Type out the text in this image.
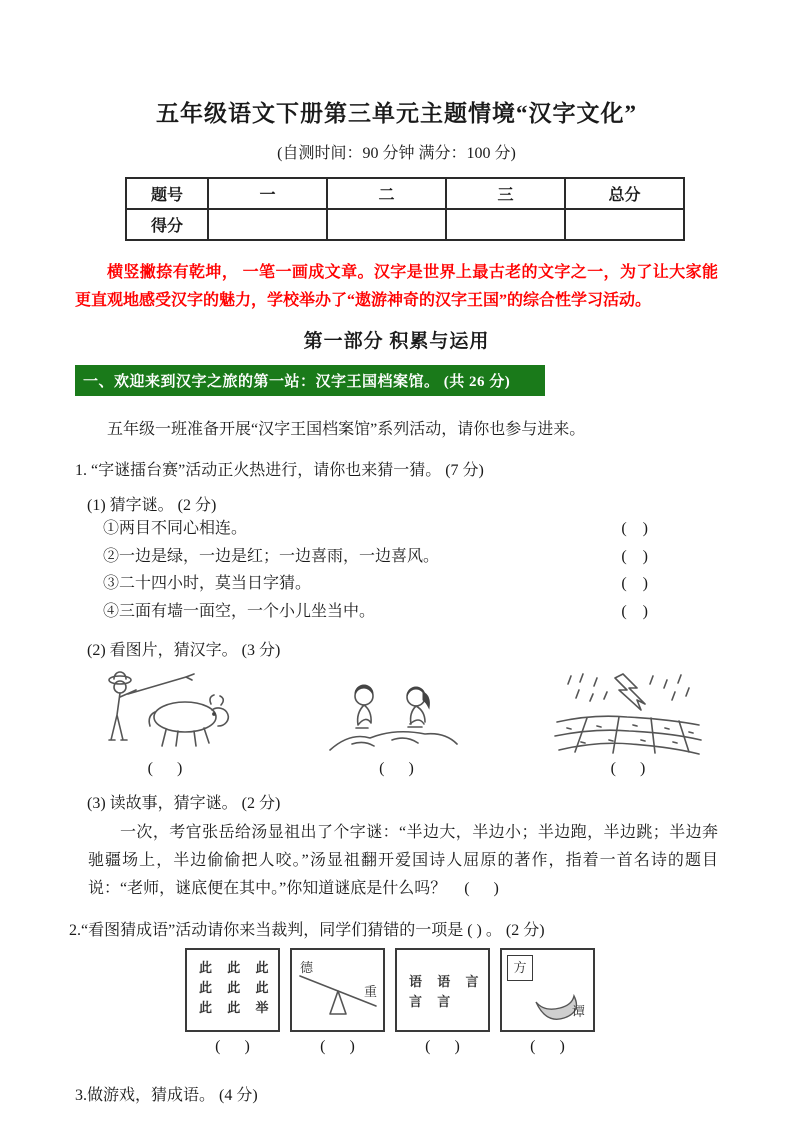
五年级语文下册第三单元主题情境“汉字文化”
(自测时间：90 分钟 满分：100 分)
题号	一	二	三	总分
得分				
横竖撇捺有乾坤， 一笔一画成文章。汉字是世界上最古老的文字之一，为了让大家能更直观地感受汉字的魅力，学校举办了“遨游神奇的汉字王国”的综合性学习活动。
第一部分 积累与运用
一、欢迎来到汉字之旅的第一站：汉字王国档案馆。 (共 26 分)
五年级一班准备开展“汉字王国档案馆”系列活动，请你也参与进来。
1. “字谜擂台赛”活动正火热进行，请你也来猜一猜。 (7 分)
(1) 猜字谜。 (2 分)
①两目不同心相连。	(    )
②一边是绿，一边是红；一边喜雨，一边喜风。	(    )
③二十四小时，莫当日字猜。	(    )
④三面有墙一面空，一个小儿坐当中。	(    )
(2) 看图片，猜汉字。 (3 分)
(      )	(      )	(      )
(3) 读故事，猜字谜。 (2 分)
一次，考官张岳给汤显祖出了个字谜：“半边大，半边小；半边跑，半边跳；半边奔驰疆场上，半边偷偷把人咬。”汤显祖翻开爱国诗人屈原的著作，指着一首名诗的题目说：“老师，谜底便在其中。”你知道谜底是什么吗？ (      )
2.“看图猜成语”活动请你来当裁判，同学们猜错的一项是 ( ) 。 (2 分)
此 此 此
此 此 此
此 此 举
德
重
语 语 言
言 言
方
谭
(      )	(      )	(      )	(      )
3.做游戏，猜成语。 (4 分)
